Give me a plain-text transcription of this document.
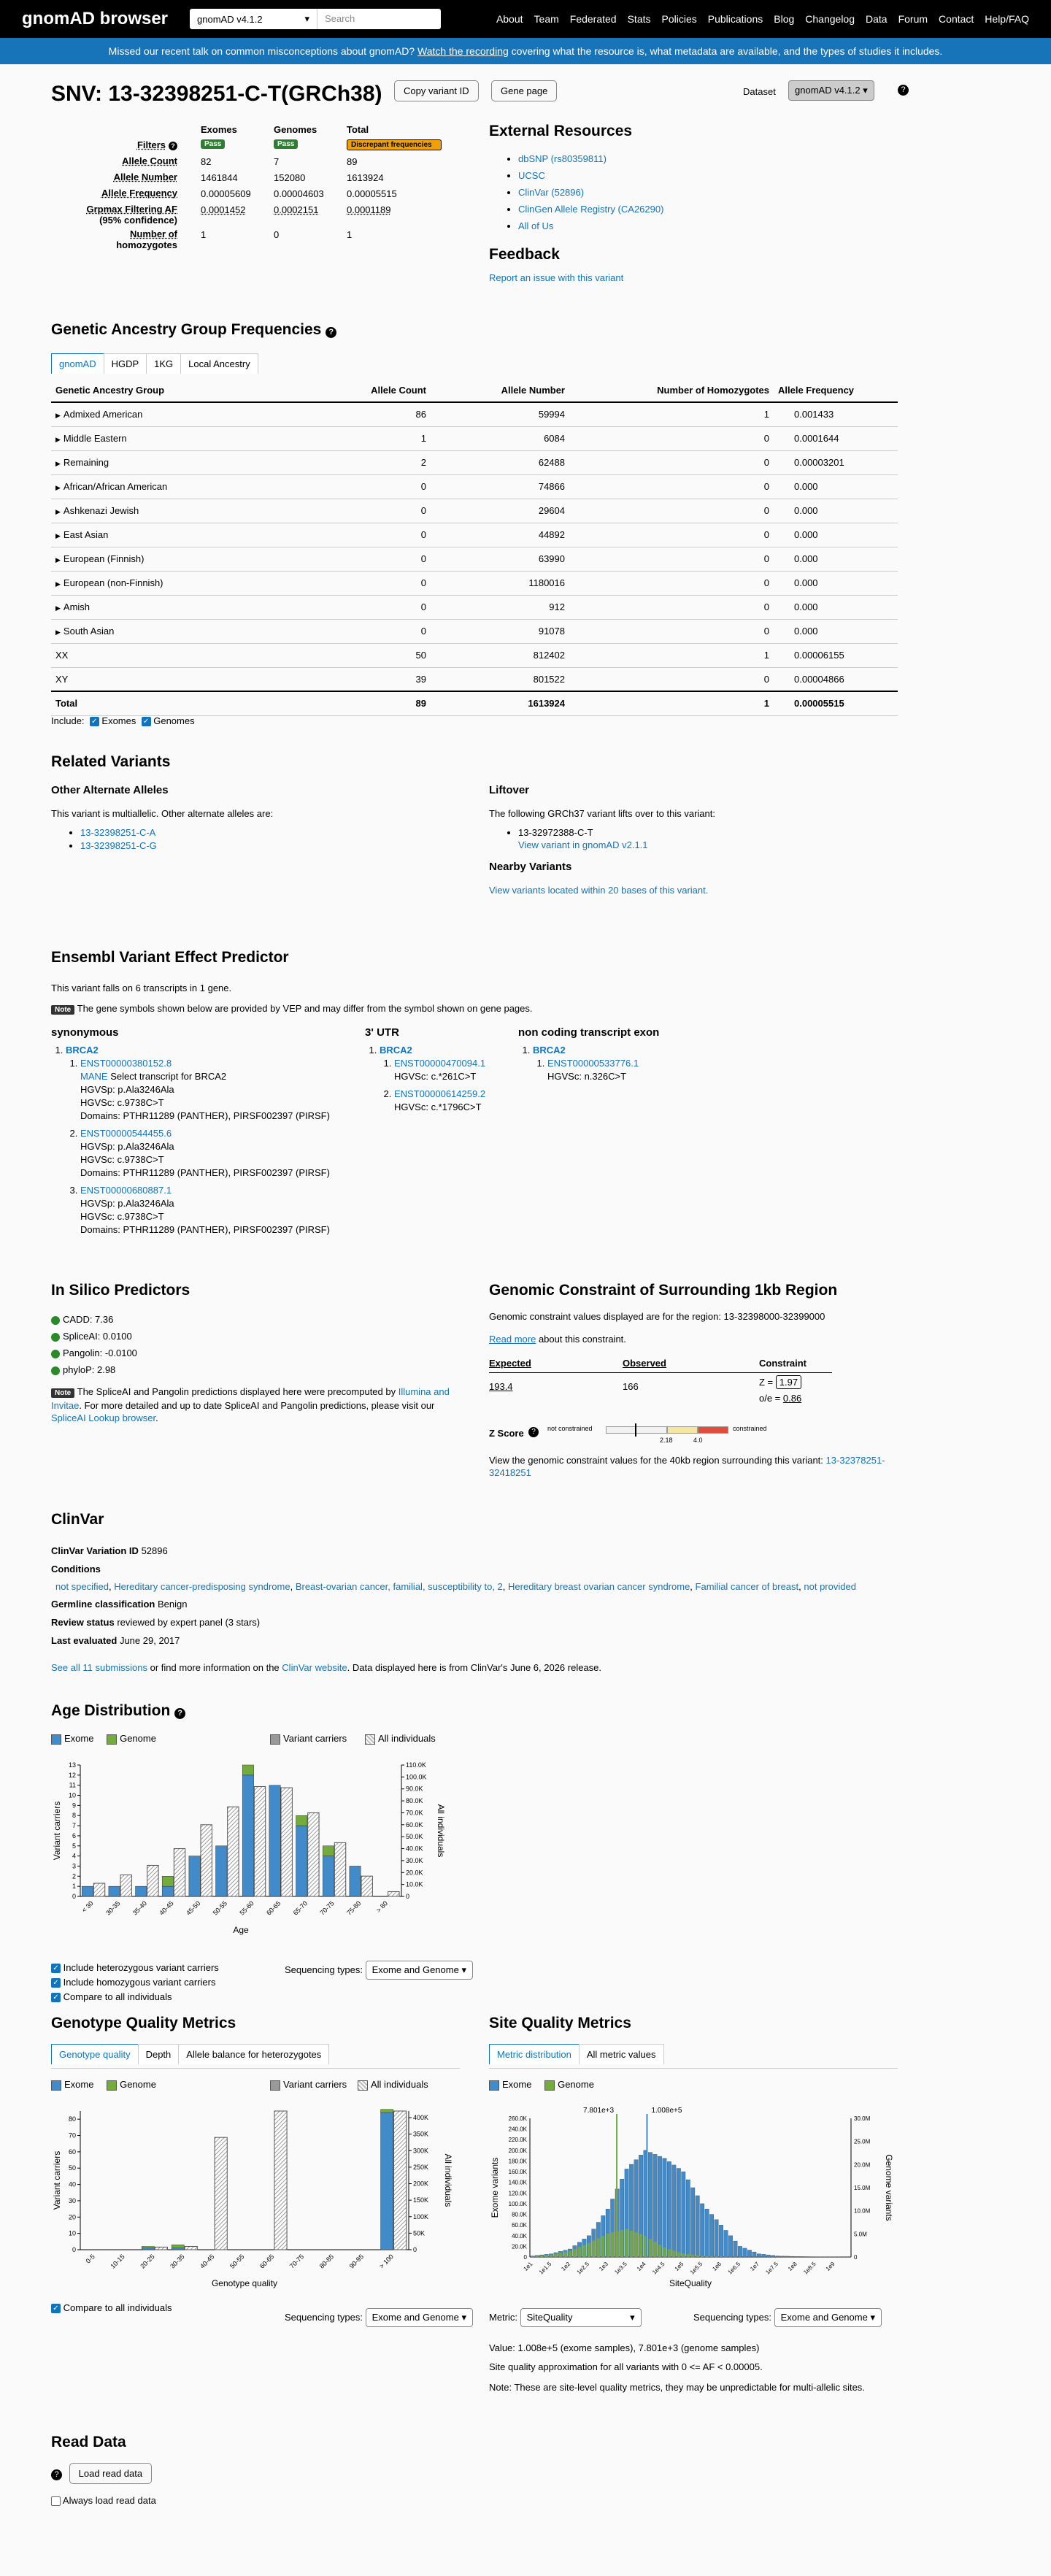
gnomAD browser	gnomAD v4.1.2	▾	Search	About Team Federated Stats Policies Publications Blog Changelog Data Forum Contact Help/FAQ
Missed our recent talk on common misconceptions about gnomAD? Watch the recording covering what the resource is, what metadata are available, and the types of studies it includes.
SNV: 13-32398251-C-T(GRCh38)	Copy variant ID	Gene page	Dataset	gnomAD v4.1.2 ▾	?
Exomes	Genomes	Total
Filters ?	Pass	Pass	Discrepant frequencies
Allele Count 82	7	89
Allele Number 1461844	152080	1613924
Allele Frequency 0.00005609 0.00004603 0.00005515
Grpmax Filtering AF
(95% confidence)
0.0001452	0.0002151	0.0001189
Number of
homozygotes
1	0	1
External Resources
• dbSNP (rs80359811)
• UCSC
• ClinVar (52896)
• ClinGen Allele Registry (CA26290)
• All of Us
Feedback
Report an issue with this variant
Genetic Ancestry Group Frequencies ?
gnomAD	HGDP	1KG	Local Ancestry
Genetic Ancestry Group	Allele Count	Allele Number	Number of Homozygotes	Allele Frequency
▶ Admixed American	86	59994	1	0.001433
▶ Middle Eastern	1	6084	0	0.0001644
▶ Remaining	2	62488	0	0.00003201
▶ African/African American	0	74866	0	0.000
▶ Ashkenazi Jewish	0	29604	0	0.000
▶ East Asian	0	44892	0	0.000
▶ European (Finnish)	0	63990	0	0.000
▶ European (non-Finnish)	0	1180016	0	0.000
▶ Amish	0	912	0	0.000
▶ South Asian	0	91078	0	0.000
XX	50	812402	1	0.00006155
XY	39	801522	0	0.00004866
Total	89	1613924	1	0.00005515
Include: ✓ Exomes ✓ Genomes
Related Variants
Other Alternate Alleles

This variant is multiallelic. Other alternate alleles are:

• 13-32398251-C-A
• 13-32398251-C-G
Liftover

The following GRCh37 variant lifts over to this variant:

• 13-32972388-C-T
View variant in gnomAD v2.1.1
Nearby Variants
View variants located within 20 bases of this variant.
Ensembl Variant Effect Predictor

This variant falls on 6 transcripts in 1 gene.

Note The gene symbols shown below are provided by VEP and may differ from the symbol shown on gene pages.

synonymous
1. BRCA2
1. ENST00000380152.8
MANE Select transcript for BRCA2
HGVSp: p.Ala3246Ala
HGVSc: c.9738C>T
Domains: PTHR11289 (PANTHER), PIRSF002397 (PIRSF)
2. ENST00000544455.6
HGVSp: p.Ala3246Ala
HGVSc: c.9738C>T
Domains: PTHR11289 (PANTHER), PIRSF002397 (PIRSF)
3. ENST00000680887.1
HGVSp: p.Ala3246Ala
HGVSc: c.9738C>T
Domains: PTHR11289 (PANTHER), PIRSF002397 (PIRSF)
3' UTR
1. BRCA2
1. ENST00000470094.1
HGVSc: c.*261C>T
2. ENST00000614259.2
HGVSc: c.*1796C>T
non coding transcript exon
1. BRCA2
1. ENST00000533776.1
HGVSc: n.326C>T
In Silico Predictors
CADD: 7.36
SpliceAI: 0.0100
Pangolin: -0.0100
phyloP: 2.98

Note The SpliceAI and Pangolin predictions displayed here were precomputed by Illumina and Invitae. For more detailed and up to date SpliceAI and Pangolin predictions, please visit our SpliceAI Lookup browser.

Genomic Constraint of Surrounding 1kb Region

Genomic constraint values displayed are for the region: 13-32398000-32399000

Read more about this constraint.

Expected	Observed	Constraint
193.4	166	Z = 1.97
o/e = 0.86
Z Score	?	not constrained	constrained
2.18	4.0

View the genomic constraint values for the 40kb region surrounding this variant: 13-32378251-32418251

ClinVar
ClinVar Variation ID 52896
Conditions
not specified, Hereditary cancer-predisposing syndrome, Breast-ovarian cancer, familial, susceptibility to, 2, Hereditary breast ovarian cancer syndrome, Familial cancer of breast, not provided
Germline classification Benign
Review status reviewed by expert panel (3 stars)
Last evaluated June 29, 2017
See all 11 submissions or find more information on the ClinVar website. Data displayed here is from ClinVar's June 6, 2026 release.
Age Distribution ?
Exome	Genome	Variant carriers	All individuals
0
1
2
3
4
5
6
7
8
9
10
11
12
13
0
10.0K
20.0K
30.0K
40.0K
50.0K
60.0K
70.0K
80.0K
90.0K
100.0K
110.0K
< 30 30-35 35-40 40-45 45-50 50-55 55-60 60-65 65-70 70-75 75-80 > 80
Age
Variant carriers	All individuals
✓ Include heterozygous variant carriers
✓ Include homozygous variant carriers
✓ Compare to all individuals
Sequencing types: Exome and Genome ▾
Genotype Quality Metrics
Genotype quality	Depth	Allele balance for heterozygotes
Exome	Genome	Variant carriers	All individuals
0
10
20
30
40
50
60
70
80
0
50K
100K
150K
200K
250K
300K
350K
400K
0-5 10-15 20-25 30-35 40-45 50-55 60-65 70-75 80-85 90-95 > 100
Genotype quality
Variant carriers	All individuals
✓ Compare to all individuals
Sequencing types: Exome and Genome ▾
Site Quality Metrics
Metric distribution	All metric values
Exome	Genome
0
20.0K
40.0K
60.0K
80.0K
100.0K
120.0K
140.0K
160.0K
180.0K
200.0K
220.0K
240.0K
260.0K
0
5.0M
10.0M
15.0M
20.0M
25.0M
30.0M
1e1 1e1.5 1e2 1e2.5 1e3 1e3.5 1e4 1e4.5 1e5 1e5.5 1e6 1e6.5 1e7 1e7.5 1e8 1e8.5 1e9
7.801e+3	1.008e+5
SiteQuality
Exome variants	Genome variants
Metric: SiteQuality	▾	Sequencing types: Exome and Genome ▾
Value: 1.008e+5 (exome samples), 7.801e+3 (genome samples)
Site quality approximation for all variants with 0 <= AF < 0.00005.
Note: These are site-level quality metrics, they may be unpredictable for multi-allelic sites.
Read Data
? Load read data
Always load read data
